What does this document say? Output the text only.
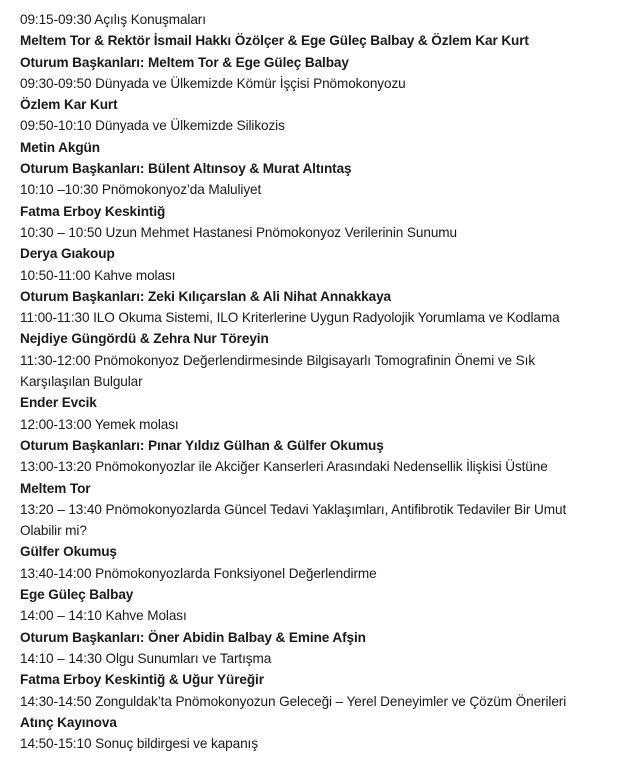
09:15-09:30 Açılış Konuşmaları
Meltem Tor & Rektör İsmail Hakkı Özölçer & Ege Güleç Balbay & Özlem Kar Kurt
Oturum Başkanları: Meltem Tor & Ege Güleç Balbay
09:30-09:50 Dünyada ve Ülkemizde Kömür İşçisi Pnömokonyozu
Özlem Kar Kurt
09:50-10:10 Dünyada ve Ülkemizde Silikozis
Metin Akgün
Oturum Başkanları: Bülent Altınsoy & Murat Altıntaş
10:10 –10:30 Pnömokonyoz’da Maluliyet
Fatma Erboy Keskintiğ
10:30 – 10:50 Uzun Mehmet Hastanesi Pnömokonyoz Verilerinin Sunumu
Derya Gıakoup
10:50-11:00 Kahve molası
Oturum Başkanları: Zeki Kılıçarslan & Ali Nihat Annakkaya
11:00-11:30 ILO Okuma Sistemi, ILO Kriterlerine Uygun Radyolojik Yorumlama ve Kodlama
Nejdiye Güngördü & Zehra Nur Töreyin
11:30-12:00 Pnömokonyoz Değerlendirmesinde Bilgisayarlı Tomografinin Önemi ve Sık Karşılaşılan Bulgular
Ender Evcik
12:00-13:00 Yemek molası
Oturum Başkanları: Pınar Yıldız Gülhan & Gülfer Okumuş
13:00-13:20 Pnömokonyozlar ile Akciğer Kanserleri Arasındaki Nedensellik İlişkisi Üstüne
Meltem Tor
13:20 – 13:40 Pnömokonyozlarda Güncel Tedavi Yaklaşımları, Antifibrotik Tedaviler Bir Umut Olabilir mi?
Gülfer Okumuş
13:40-14:00 Pnömokonyozlarda Fonksiyonel Değerlendirme
Ege Güleç Balbay
14:00 – 14:10 Kahve Molası
Oturum Başkanları: Öner Abidin Balbay & Emine Afşin
14:10 – 14:30 Olgu Sunumları ve Tartışma
Fatma Erboy Keskintiğ & Uğur Yüreğir
14:30-14:50 Zonguldak’ta Pnömokonyozun Geleceği – Yerel Deneyimler ve Çözüm Önerileri
Atınç Kayınova
14:50-15:10 Sonuç bildirgesi ve kapanış
